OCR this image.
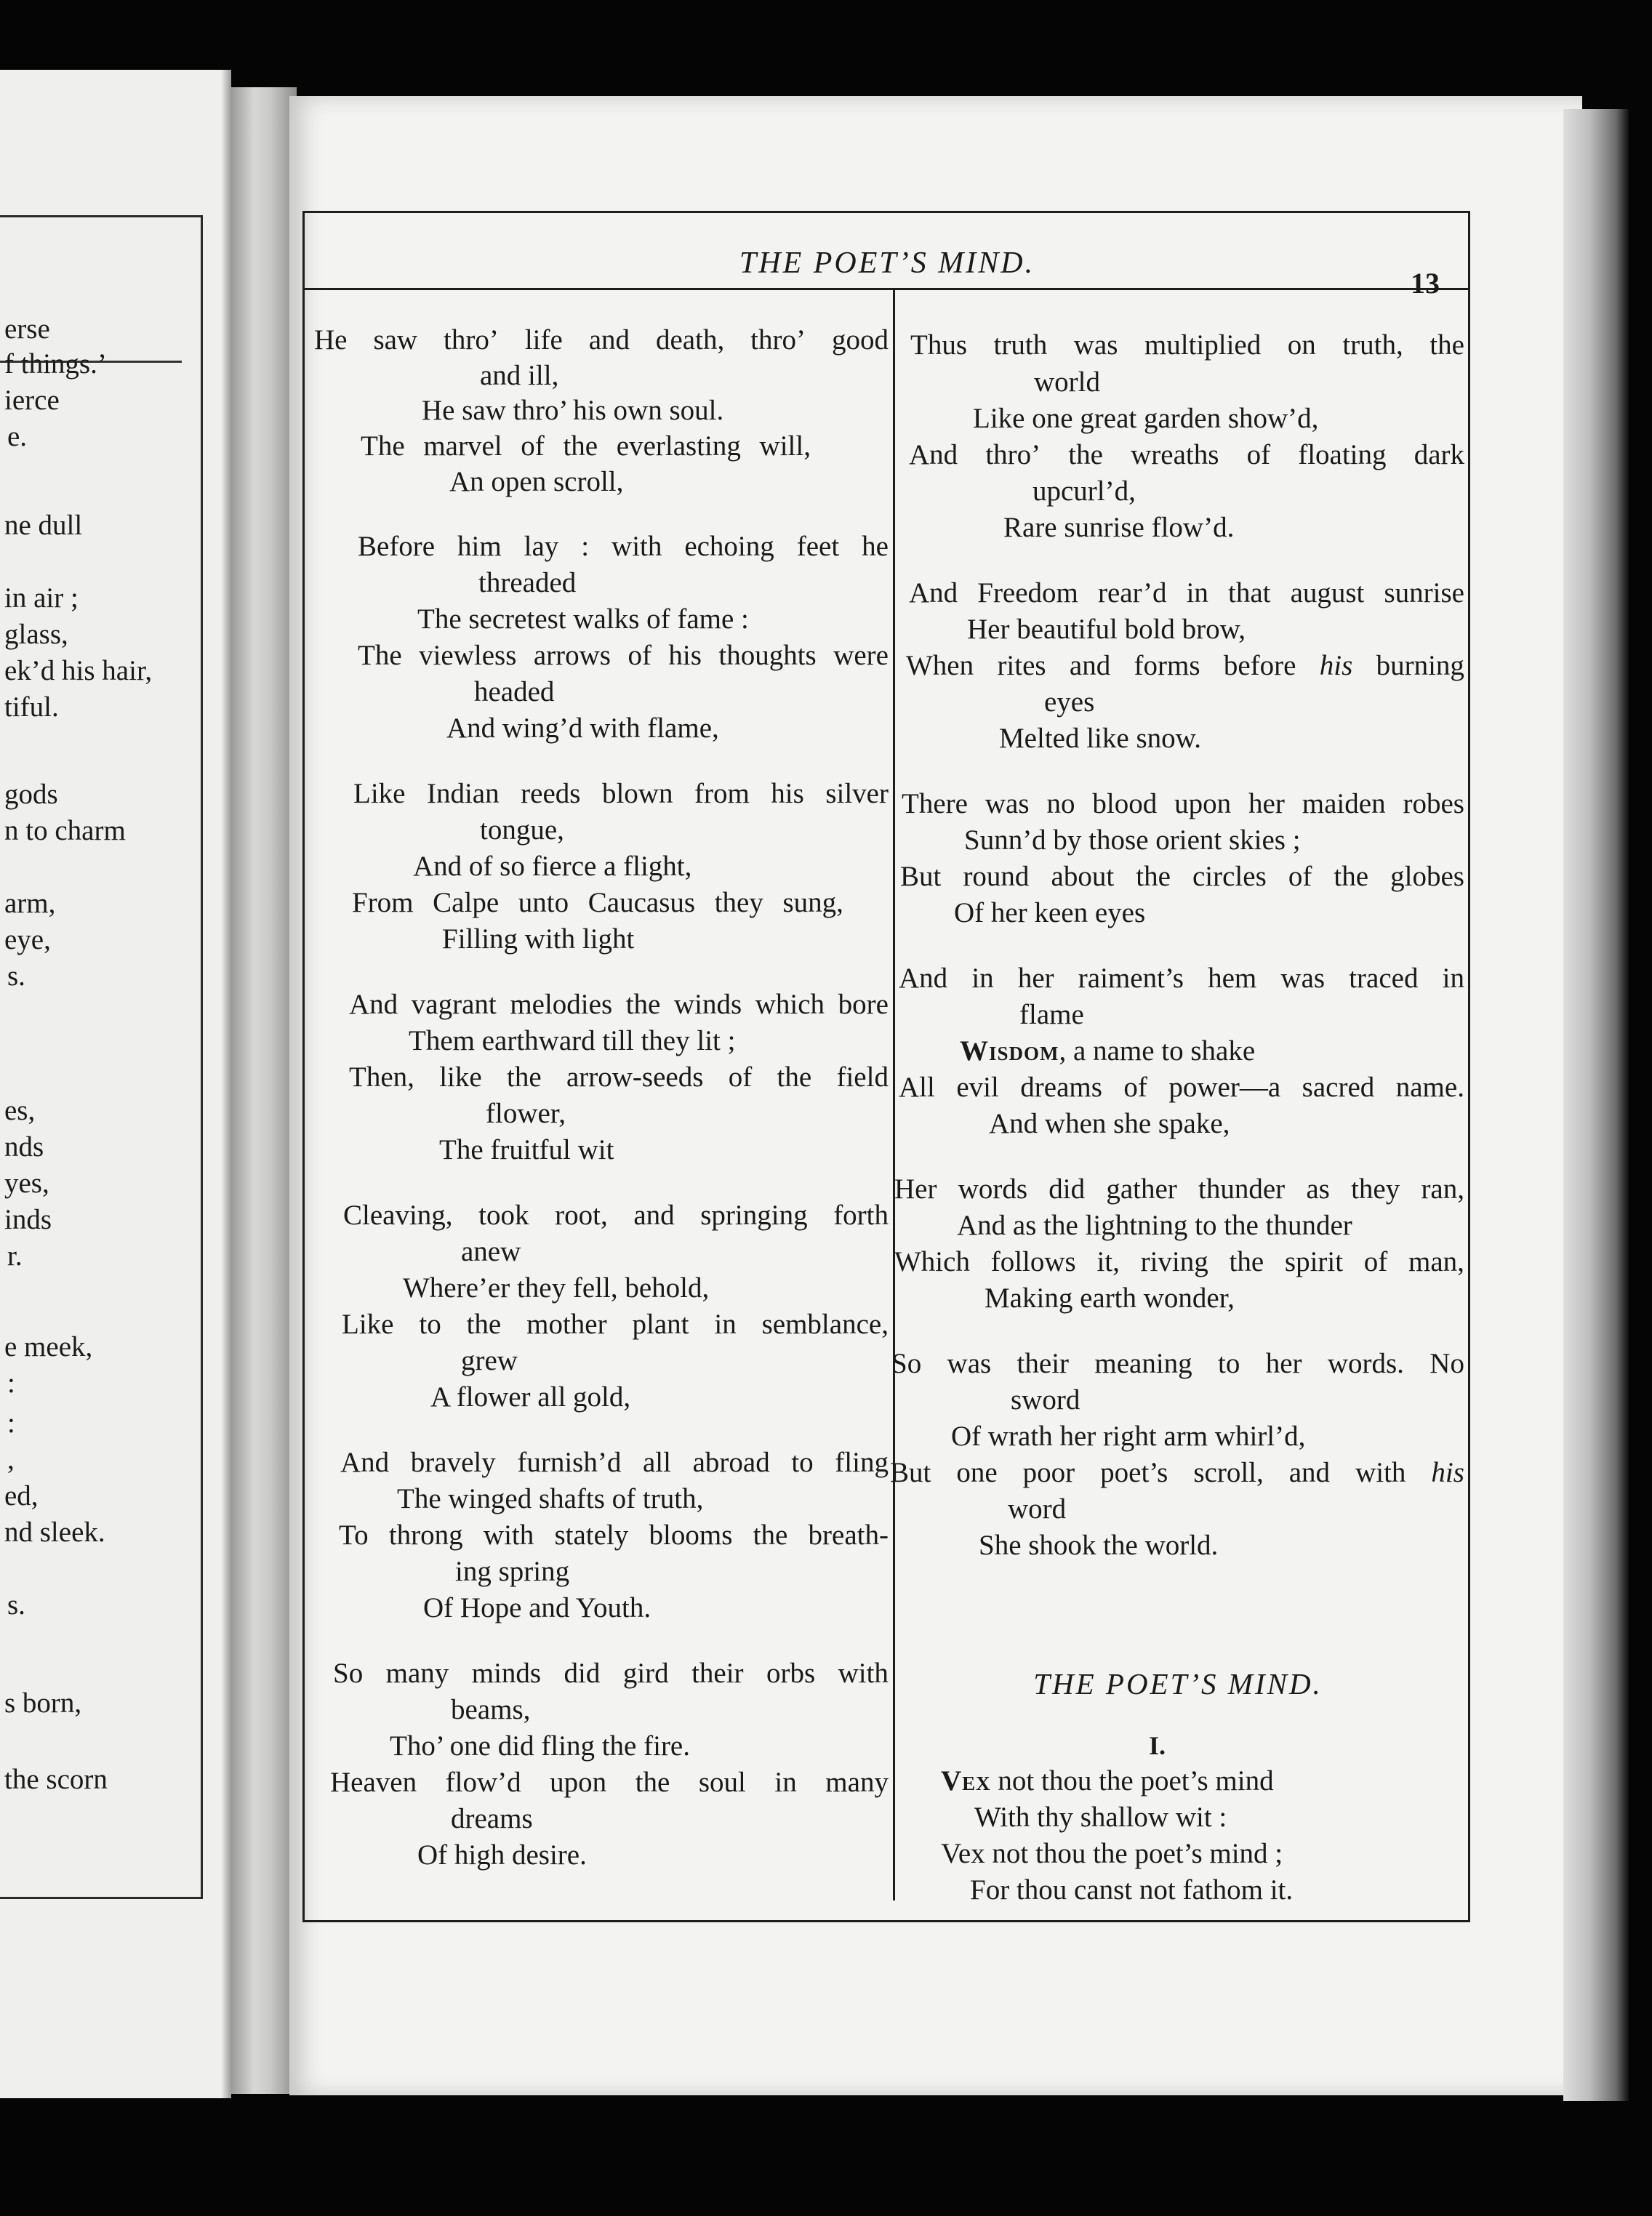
erse
f things.’
ierce
e.
ne dull
in air ;
glass,
ek’d his hair,
tiful.
gods
n to charm
arm,
eye,
s.
es,
nds
yes,
inds
r.
e meek,
:
:
,
ed,
nd sleek.
s.
s born,
the scorn
THE POET’S MIND.
13
He saw thro’ life and death, thro’ good
and ill,
He saw thro’ his own soul.
The marvel of the everlasting will,
An open scroll,
Before him lay : with echoing feet he
threaded
The secretest walks of fame :
The viewless arrows of his thoughts were
headed
And wing’d with flame,
Like Indian reeds blown from his silver
tongue,
And of so fierce a flight,
From Calpe unto Caucasus they sung,
Filling with light
And vagrant melodies the winds which bore
Them earthward till they lit ;
Then, like the arrow-seeds of the field
flower,
The fruitful wit
Cleaving, took root, and springing forth
anew
Where’er they fell, behold,
Like to the mother plant in semblance,
grew
A flower all gold,
And bravely furnish’d all abroad to fling
The winged shafts of truth,
To throng with stately blooms the breath-
ing spring
Of Hope and Youth.
So many minds did gird their orbs with
beams,
Tho’ one did fling the fire.
Heaven flow’d upon the soul in many
dreams
Of high desire.
Thus truth was multiplied on truth, the
world
Like one great garden show’d,
And thro’ the wreaths of floating dark
upcurl’d,
Rare sunrise flow’d.
And Freedom rear’d in that august sunrise
Her beautiful bold brow,
When rites and forms before his burning
eyes
Melted like snow.
There was no blood upon her maiden robes
Sunn’d by those orient skies ;
But round about the circles of the globes
Of her keen eyes
And in her raiment’s hem was traced in
flame
Wisdom, a name to shake
All evil dreams of power—a sacred name.
And when she spake,
Her words did gather thunder as they ran,
And as the lightning to the thunder
Which follows it, riving the spirit of man,
Making earth wonder,
So was their meaning to her words. No
sword
Of wrath her right arm whirl’d,
But one poor poet’s scroll, and with his
word
She shook the world.
THE POET’S MIND.
I.
Vex not thou the poet’s mind
With thy shallow wit :
Vex not thou the poet’s mind ;
For thou canst not fathom it.
